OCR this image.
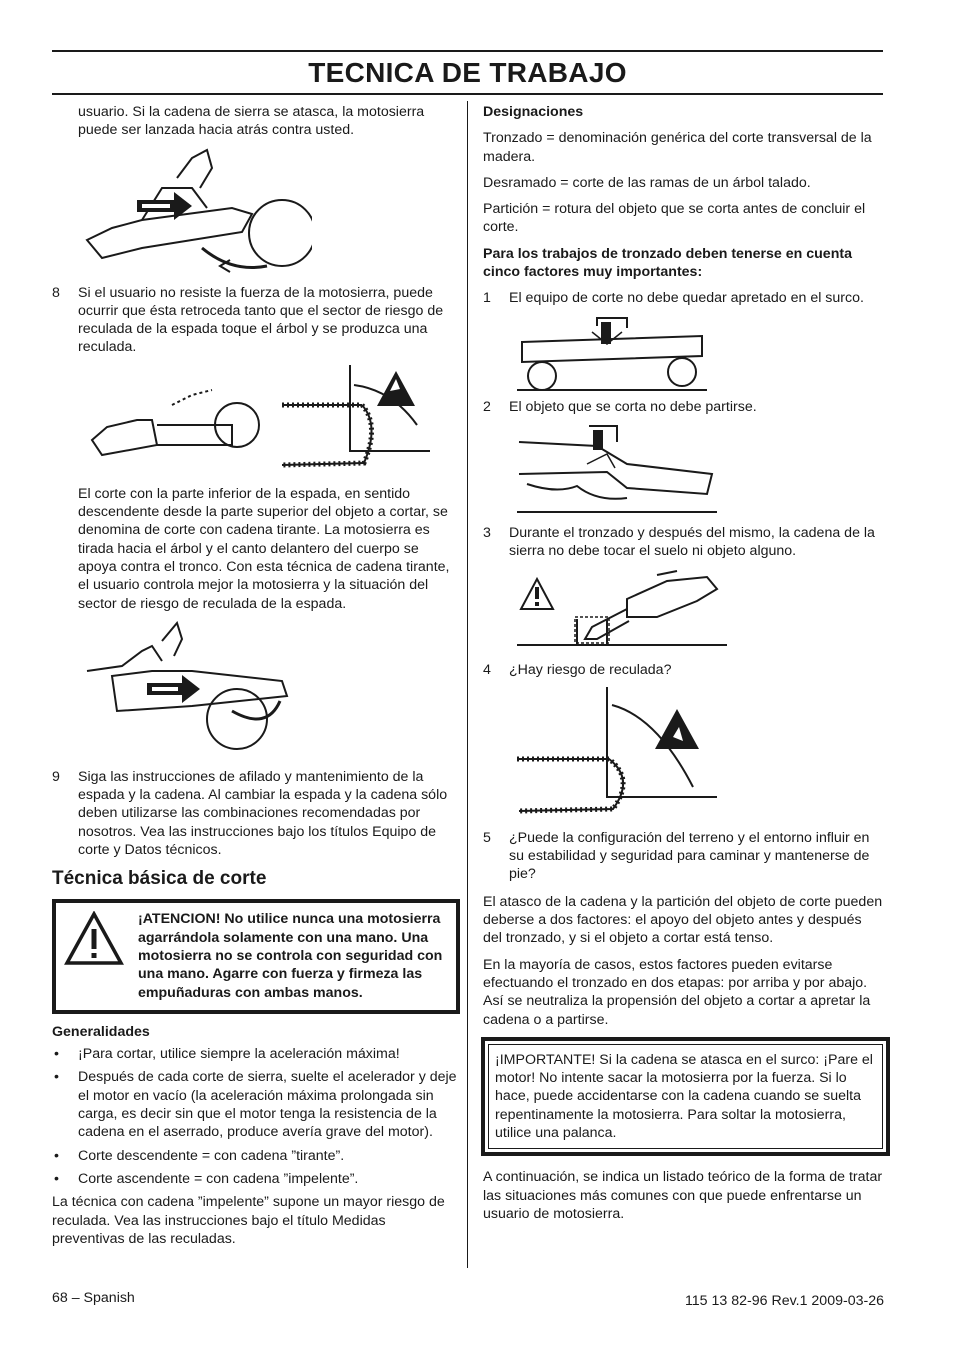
TECNICA DE TRABAJO

usuario. Si la cadena de sierra se atasca, la motosierra puede ser lanzada hacia atrás contra usted.

8 Si el usuario no resiste la fuerza de la motosierra, puede ocurrir que ésta retroceda tanto que el sector de riesgo de reculada de la espada toque el árbol y se produzca una reculada.

El corte con la parte inferior de la espada, en sentido descendente desde la parte superior del objeto a cortar, se denomina de corte con cadena tirante. La motosierra es tirada hacia el árbol y el canto delantero del cuerpo se apoya contra el tronco. Con esta técnica de cadena tirante, el usuario controla mejor la motosierra y la situación del sector de riesgo de reculada de la espada.

9 Siga las instrucciones de afilado y mantenimiento de la espada y la cadena. Al cambiar la espada y la cadena sólo deben utilizarse las combinaciones recomendadas por nosotros. Vea las instrucciones bajo los títulos Equipo de corte y Datos técnicos.
Técnica básica de corte
¡ATENCION! No utilice nunca una motosierra agarrándola solamente con una mano. Una motosierra no se controla con seguridad con una mano. Agarre con fuerza y firmeza las empuñaduras con ambas manos.

Generalidades

• ¡Para cortar, utilice siempre la aceleración máxima!
• Después de cada corte de sierra, suelte el acelerador y deje el motor en vacío (la aceleración máxima prolongada sin carga, es decir sin que el motor tenga la resistencia de la cadena en el aserrado, produce avería grave del motor).
• Corte descendente = con cadena ”tirante”.
• Corte ascendente = con cadena ”impelente”.

La técnica con cadena ”impelente” supone un mayor riesgo de reculada. Vea las instrucciones bajo el título Medidas preventivas de las reculadas.

Designaciones

Tronzado = denominación genérica del corte transversal de la madera.

Desramado = corte de las ramas de un árbol talado.

Partición = rotura del objeto que se corta antes de concluir el corte.

Para los trabajos de tronzado deben tenerse en cuenta cinco factores muy importantes:

1 El equipo de corte no debe quedar apretado en el surco.
2 El objeto que se corta no debe partirse.
3 Durante el tronzado y después del mismo, la cadena de la sierra no debe tocar el suelo ni objeto alguno.
4 ¿Hay riesgo de reculada?
5 ¿Puede la configuración del terreno y el entorno influir en su estabilidad y seguridad para caminar y mantenerse de pie?

El atasco de la cadena y la partición del objeto de corte pueden deberse a dos factores: el apoyo del objeto antes y después del tronzado, y si el objeto a cortar está tenso.

En la mayoría de casos, estos factores pueden evitarse efectuando el tronzado en dos etapas: por arriba y por abajo. Así se neutraliza la propensión del objeto a cortar a apretar la cadena o a partirse.

¡IMPORTANTE! Si la cadena se atasca en el surco: ¡Pare el motor! No intente sacar la motosierra por la fuerza. Si lo hace, puede accidentarse con la cadena cuando se suelta repentinamente la motosierra. Para soltar la motosierra, utilice una palanca.

A continuación, se indica un listado teórico de la forma de tratar las situaciones más comunes con que puede enfrentarse un usuario de motosierra.

68 – Spanish	115 13 82-96 Rev.1 2009-03-26
